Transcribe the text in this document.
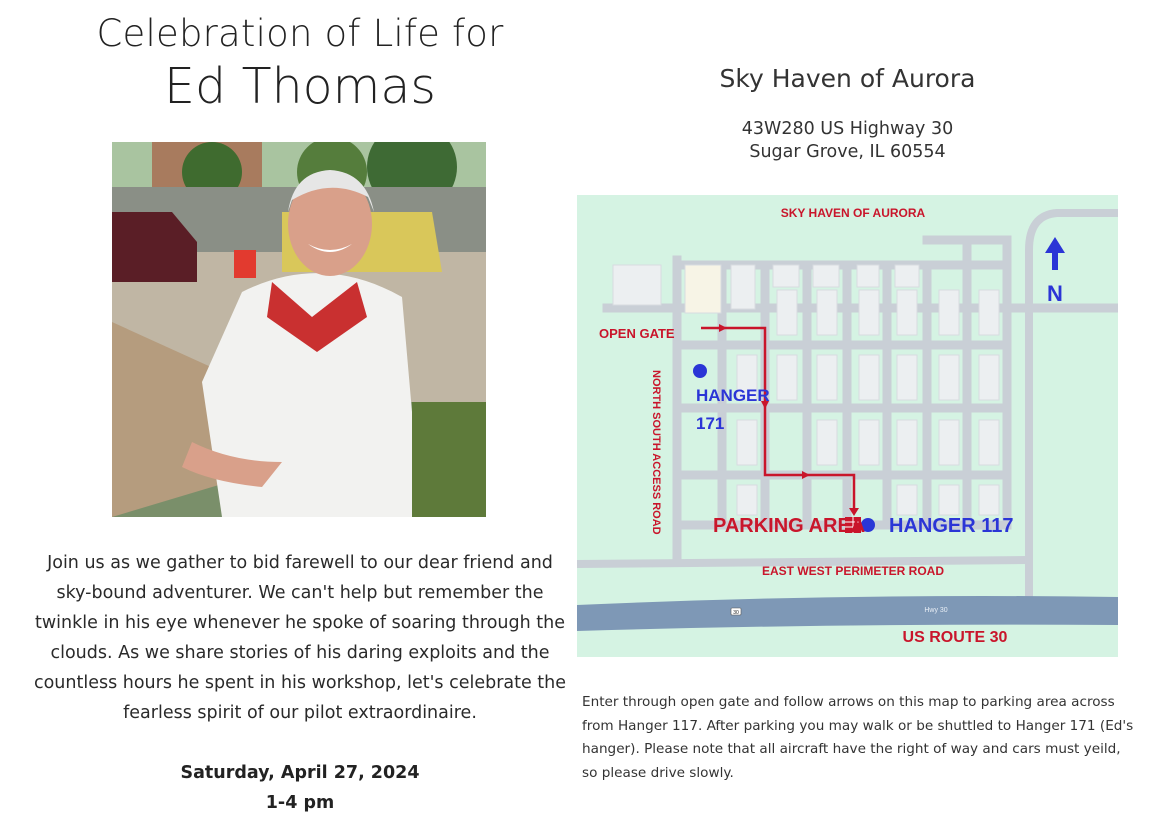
Celebration of Life for
Ed Thomas
Join us as we gather to bid farewell to our dear friend and sky-bound adventurer. We can't help but remember the twinkle in his eye whenever he spoke of soaring through the clouds. As we share stories of his daring exploits and the countless hours he spent in his workshop, let's celebrate the fearless spirit of our pilot extraordinaire.
Saturday, April 27, 2024
1-4 pm
Sky Haven of Aurora
43W280 US Highway 30
Sugar Grove, IL 60554
30	Hwy 30
N
SKY HAVEN OF AURORA
OPEN GATE
HANGER
171
PARKING AREA HANGER 117
EAST WEST PERIMETER ROAD
US ROUTE 30
NORTH SOUTH ACCESS ROAD
Enter through open gate and follow arrows on this map to parking area across from Hanger 117. After parking you may walk or be shuttled to Hanger 171 (Ed's hanger). Please note that all aircraft have the right of way and cars must yeild, so please drive slowly.
